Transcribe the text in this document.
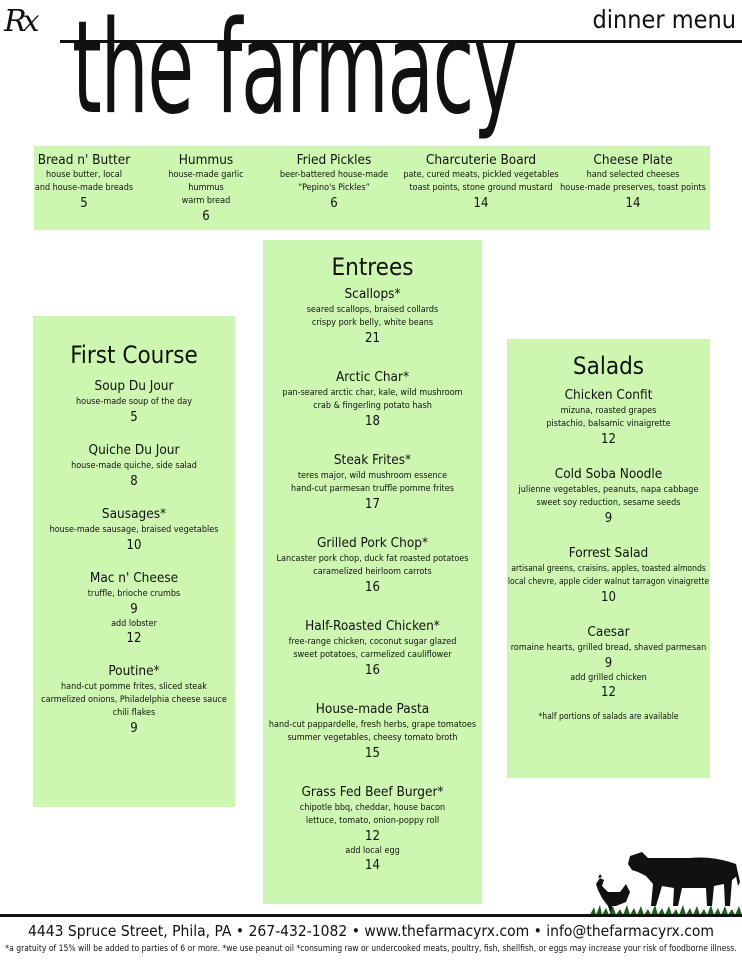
Rx	dinner menu
the farmacy
Bread n' Butter
house butter, local
and house-made breads
5
Hummus
house-made garlic hummus
warm bread
6
Fried Pickles
beer-battered house-made
“Pepino's Pickles”
6
Charcuterie Board
pate, cured meats, pickled vegetables
toast points, stone ground mustard
14
Cheese Plate
hand selected cheeses
house-made preserves, toast points
14
First Course
Soup Du Jour
house-made soup of the day
5
Quiche Du Jour
house-made quiche, side salad
8
Sausages*
house-made sausage, braised vegetables
10
Mac n' Cheese
truffle, brioche crumbs
9
add lobster
12
Poutine*
hand-cut pomme frites, sliced steak
carmelized onions, Philadelphia cheese sauce
chili flakes
9
Entrees
Scallops*
seared scallops, braised collards
crispy pork belly, white beans
21
Arctic Char*
pan-seared arctic char, kale, wild mushroom
crab & fingerling potato hash
18
Steak Frites*
teres major, wild mushroom essence
hand-cut parmesan truffle pomme frites
17
Grilled Pork Chop*
Lancaster pork chop, duck fat roasted potatoes
caramelized heirloom carrots
16
Half-Roasted Chicken*
free-range chicken, coconut sugar glazed
sweet potatoes, carmelized cauliflower
16
House-made Pasta
hand-cut pappardelle, fresh herbs, grape tomatoes
summer vegetables, cheesy tomato broth
15
Grass Fed Beef Burger*
chipotle bbq, cheddar, house bacon
lettuce, tomato, onion-poppy roll
12
add local egg
14
Salads
Chicken Confit
mizuna, roasted grapes
pistachio, balsamic vinaigrette
12
Cold Soba Noodle
julienne vegetables, peanuts, napa cabbage
sweet soy reduction, sesame seeds
9
Forrest Salad
artisanal greens, craisins, apples, toasted almonds
local chevre, apple cider walnut tarragon vinaigrette
10
Caesar
romaine hearts, grilled bread, shaved parmesan
9
add grilled chicken
12
*half portions of salads are available
4443 Spruce Street, Phila, PA • 267-432-1082 • www.thefarmacyrx.com • info@thefarmacyrx.com
*a gratuity of 15% will be added to parties of 6 or more. *we use peanut oil *consuming raw or undercooked meats, poultry, fish, shellfish, or eggs may increase your risk of foodborne illness.
